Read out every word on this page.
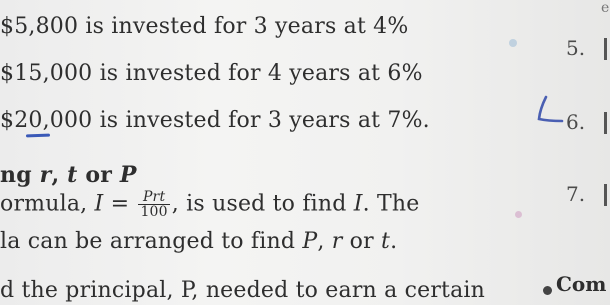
$5,800 is invested for 3 years at 4%
$15,000 is invested for 4 years at 6%
$20,000 is invested for 3 years at 7%.
ng r, t or P
ormula, $I = \frac{\text{Prt}}{100}$ , is used to find I. The
la can be arranged to find P, r or t.
d the principal, P, needed to earn a certain
e
5.
6.
7.
Com
